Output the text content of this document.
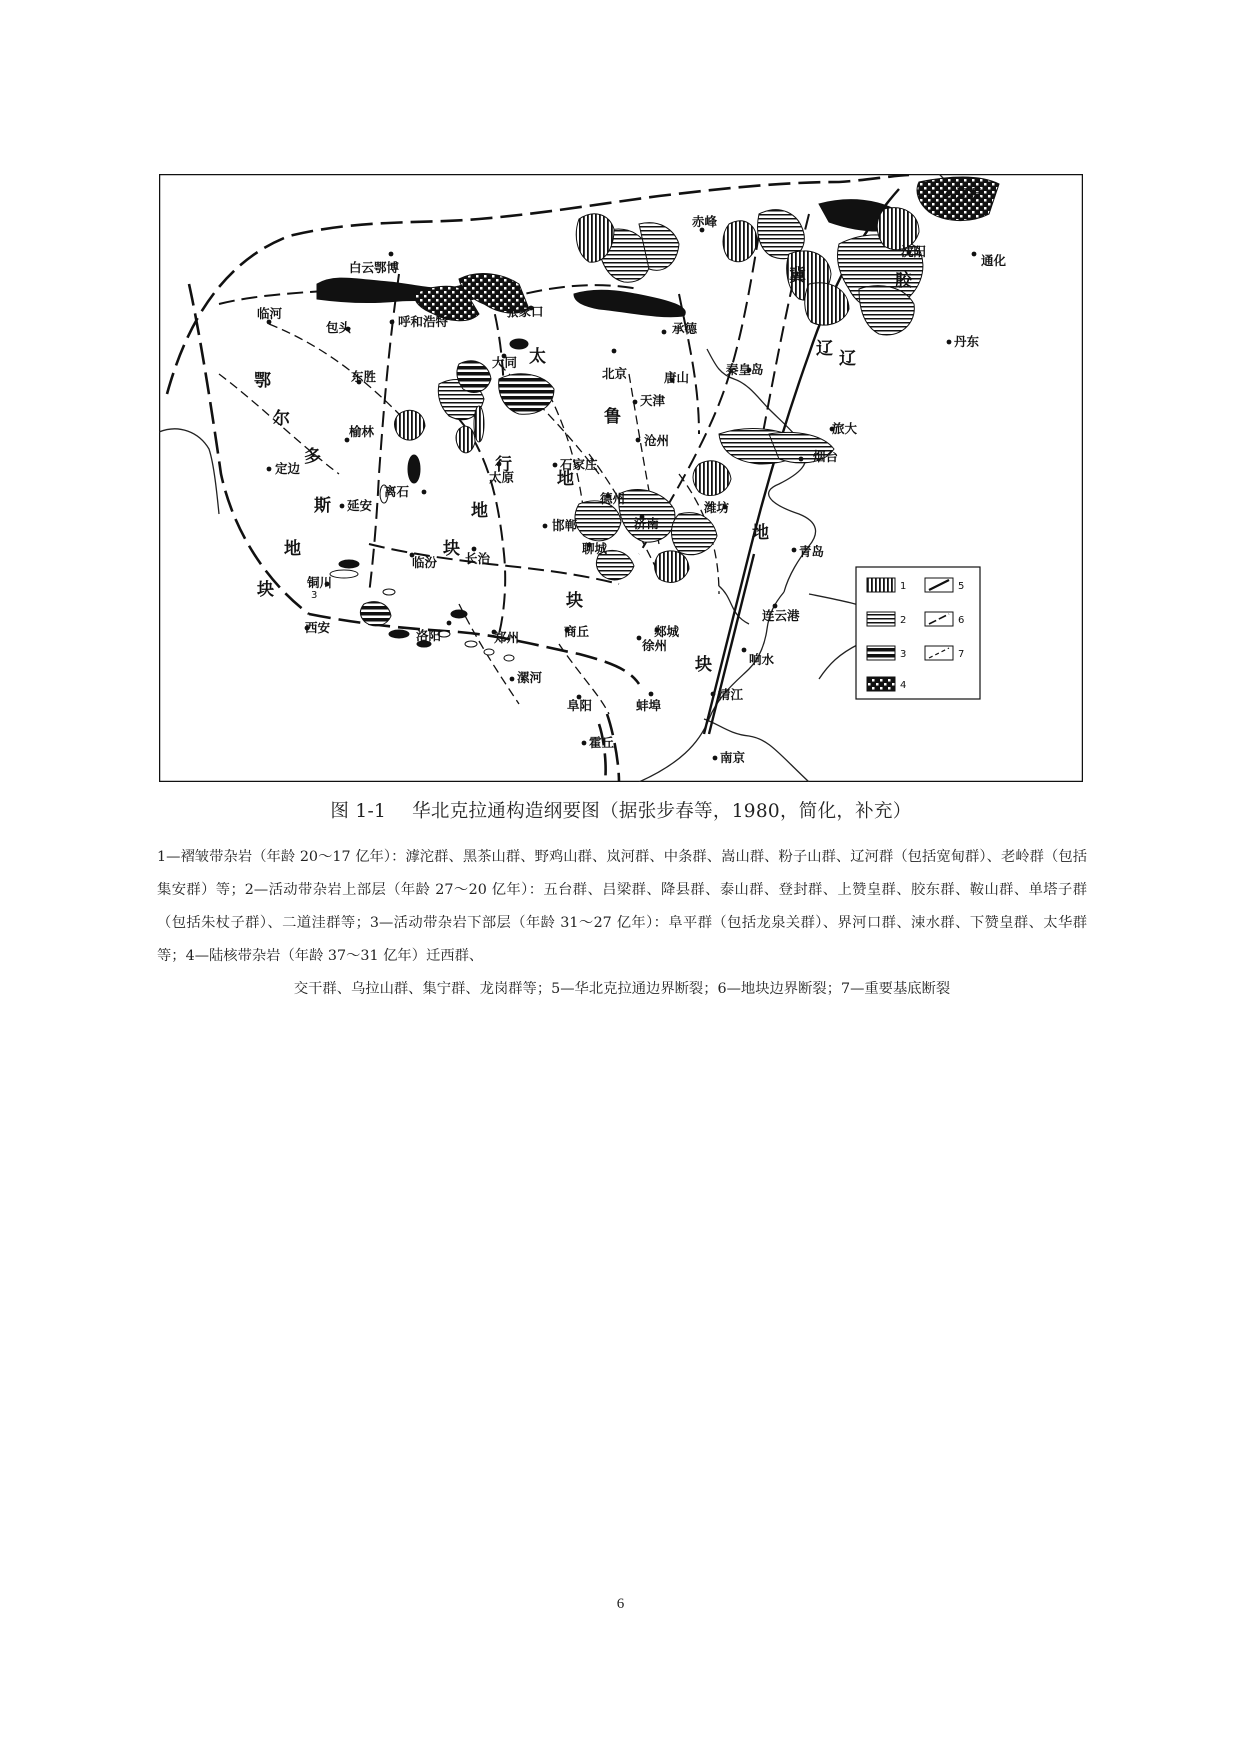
1
2
3
4
5
6
7
辽源
赤峰
沈阳
通化
白云鄂博
临河
呼和浩特
包头
张家口
承德
丹东
大同
东胜	北京	唐山
秦皇岛
天津
旅大
榆林
沧州
烟台
定边	石家庄
太原
离石	德州
潍坊
延安
济南
邯郸
聊城	青岛
临汾 长治
铜川
连云港
西安
洛阳	郑州	商丘	郯城
徐州
响水
漯河
阜阳	蚌埠
清江
霍丘
南京
冀
辽
胶
辽
太
行
地
块
鄂
尔
多
斯
地
块
鲁
地
块
地
块
3
图 1-1 华北克拉通构造纲要图（据张步春等，1980，简化，补充）
1—褶皱带杂岩（年龄 20～17 亿年）：滹沱群、黑茶山群、野鸡山群、岚河群、中条群、嵩山群、粉子山群、辽河群（包括宽甸群）、老岭群（包括集安群）等；2—活动带杂岩上部层（年龄 27～20 亿年）：五台群、吕梁群、降县群、泰山群、登封群、上赞皇群、胶东群、鞍山群、单塔子群（包括朱杖子群）、二道洼群等；3—活动带杂岩下部层（年龄 31～27 亿年）：阜平群（包括龙泉关群）、界河口群、涑水群、下赞皇群、太华群等；4—陆核带杂岩（年龄 37～31 亿年）迁西群、
交干群、乌拉山群、集宁群、龙岗群等；5—华北克拉通边界断裂；6—地块边界断裂；7—重要基底断裂
6
